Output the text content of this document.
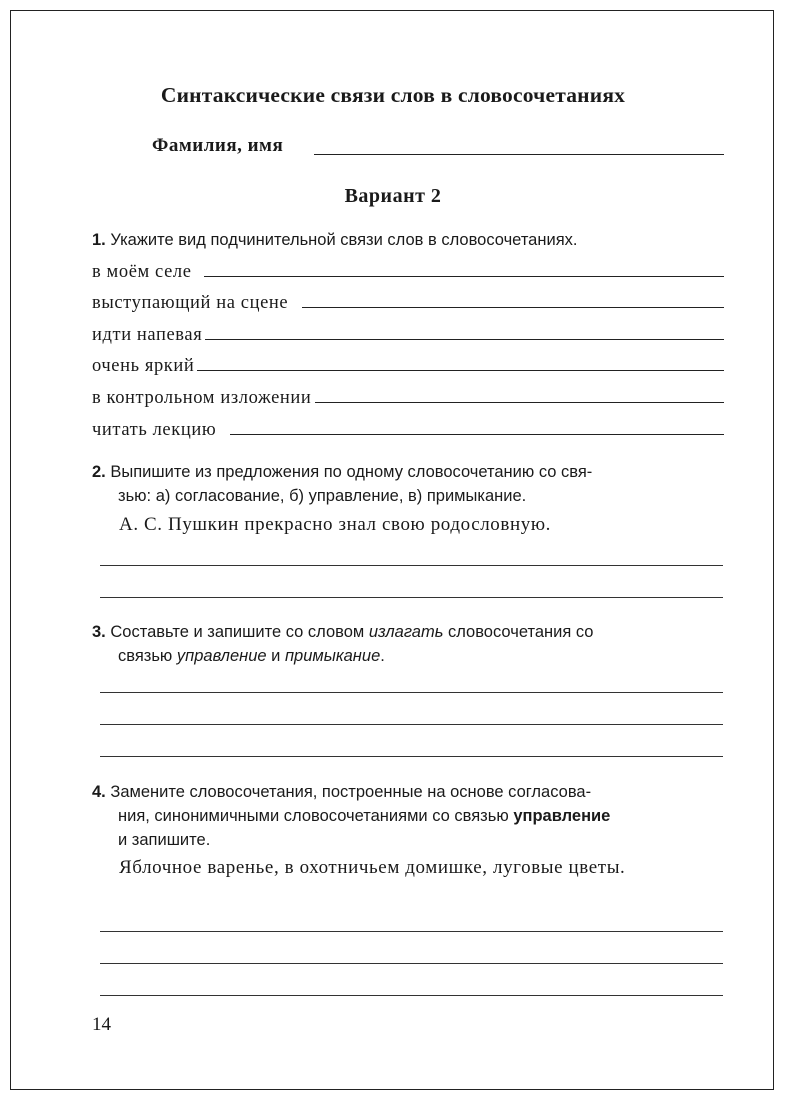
Синтаксические связи слов в словосочетаниях
Фамилия, имя
Вариант 2
1. Укажите вид подчинительной связи слов в словосочетаниях.
в моём селе
выступающий на сцене
идти напевая
очень яркий
в контрольном изложении
читать лекцию
2. Выпишите из предложения по одному словосочетанию со свя-
зью: а) согласование, б) управление, в) примыкание.
А. С. Пушкин прекрасно знал свою родословную.
3. Составьте и запишите со словом излагать словосочетания со
связью управление и примыкание.
4. Замените словосочетания, построенные на основе согласова-
ния, синонимичными словосочетаниями со связью управление
и запишите.
Яблочное варенье, в охотничьем домишке, луговые цветы.
14
